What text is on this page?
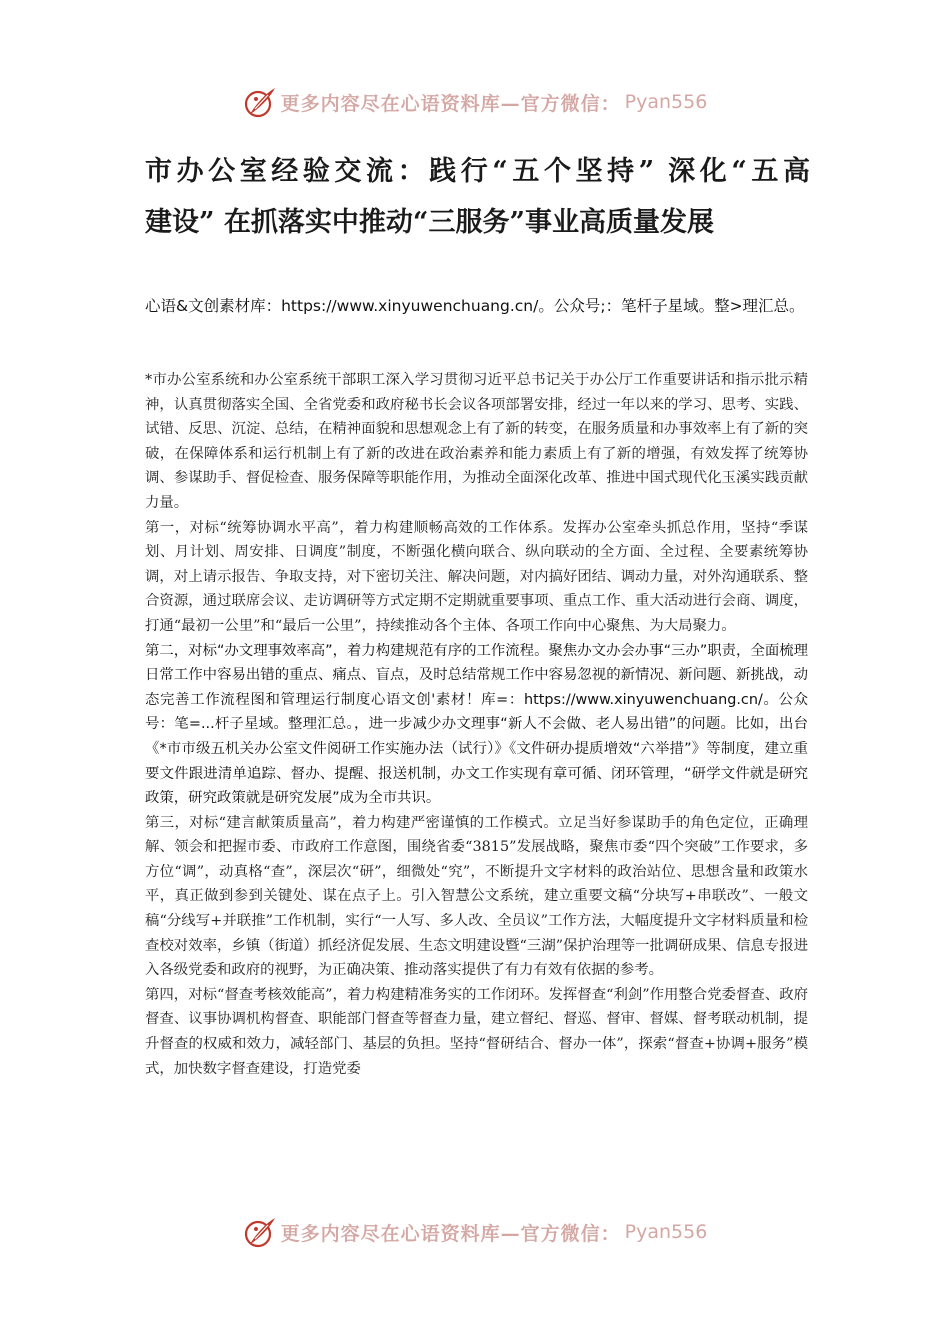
更多内容尽在心语资料库—官方微信： Pyan556
市办公室经验交流：践行“五个坚持” 深化“五高
建设” 在抓落实中推动“三服务”事业高质量发展

心语&文创素材库：https://www.xinyuwenchuang.cn/。公众号;：笔杆子星域。整>理汇总。

*市办公室系统和办公室系统干部职工深入学习贯彻习近平总书记关于办公厅工作重要讲话和指示批示精神，认真贯彻落实全国、全省党委和政府秘书长会议各项部署安排，经过一年以来的学习、思考、实践、试错、反思、沉淀、总结，在精神面貌和思想观念上有了新的转变，在服务质量和办事效率上有了新的突破，在保障体系和运行机制上有了新的改进在政治素养和能力素质上有了新的增强，有效发挥了统筹协调、参谋助手、督促检查、服务保障等职能作用，为推动全面深化改革、推进中国式现代化玉溪实践贡献力量。

第一，对标“统筹协调水平高”，着力构建顺畅高效的工作体系。发挥办公室牵头抓总作用，坚持“季谋划、月计划、周安排、日调度”制度，不断强化横向联合、纵向联动的全方面、全过程、全要素统筹协调，对上请示报告、争取支持，对下密切关注、解决问题，对内搞好团结、调动力量，对外沟通联系、整合资源，通过联席会议、走访调研等方式定期不定期就重要事项、重点工作、重大活动进行会商、调度，打通“最初一公里”和“最后一公里”，持续推动各个主体、各项工作向中心聚焦、为大局聚力。

第二，对标“办文理事效率高”，着力构建规范有序的工作流程。聚焦办文办会办事“三办”职责，全面梳理日常工作中容易出错的重点、痛点、盲点，及时总结常规工作中容易忽视的新情况、新问题、新挑战，动态完善工作流程图和管理运行制度心语文创'素材！库=：https://www.xinyuwenchuang.cn/。公众号：笔=...杆子星域。整理汇总。，进一步减少办文理事“新人不会做、老人易出错”的问题。比如，出台《*市市级五机关办公室文件阅研工作实施办法（试行）》《文件研办提质增效“六举措”》等制度，建立重要文件跟进清单追踪、督办、提醒、报送机制，办文工作实现有章可循、闭环管理，“研学文件就是研究政策，研究政策就是研究发展”成为全市共识。

第三，对标“建言献策质量高”，着力构建严密谨慎的工作模式。立足当好参谋助手的角色定位，正确理解、领会和把握市委、市政府工作意图，围绕省委“3815”发展战略，聚焦市委“四个突破”工作要求，多方位“调”，动真格“查”，深层次“研”，细微处“究”，不断提升文字材料的政治站位、思想含量和政策水平，真正做到参到关键处、谋在点子上。引入智慧公文系统，建立重要文稿“分块写+串联改”、一般文稿“分线写+并联推”工作机制，实行“一人写、多人改、全员议”工作方法，大幅度提升文字材料质量和检查校对效率，乡镇（街道）抓经济促发展、生态文明建设暨“三湖”保护治理等一批调研成果、信息专报进入各级党委和政府的视野，为正确决策、推动落实提供了有力有效有依据的参考。

第四，对标“督查考核效能高”，着力构建精准务实的工作闭环。发挥督查“利剑”作用整合党委督查、政府督查、议事协调机构督查、职能部门督查等督查力量，建立督纪、督巡、督审、督媒、督考联动机制，提升督查的权威和效力，减轻部门、基层的负担。坚持“督研结合、督办一体”，探索“督查+协调+服务”模式，加快数字督查建设，打造党委

更多内容尽在心语资料库—官方微信： Pyan556
